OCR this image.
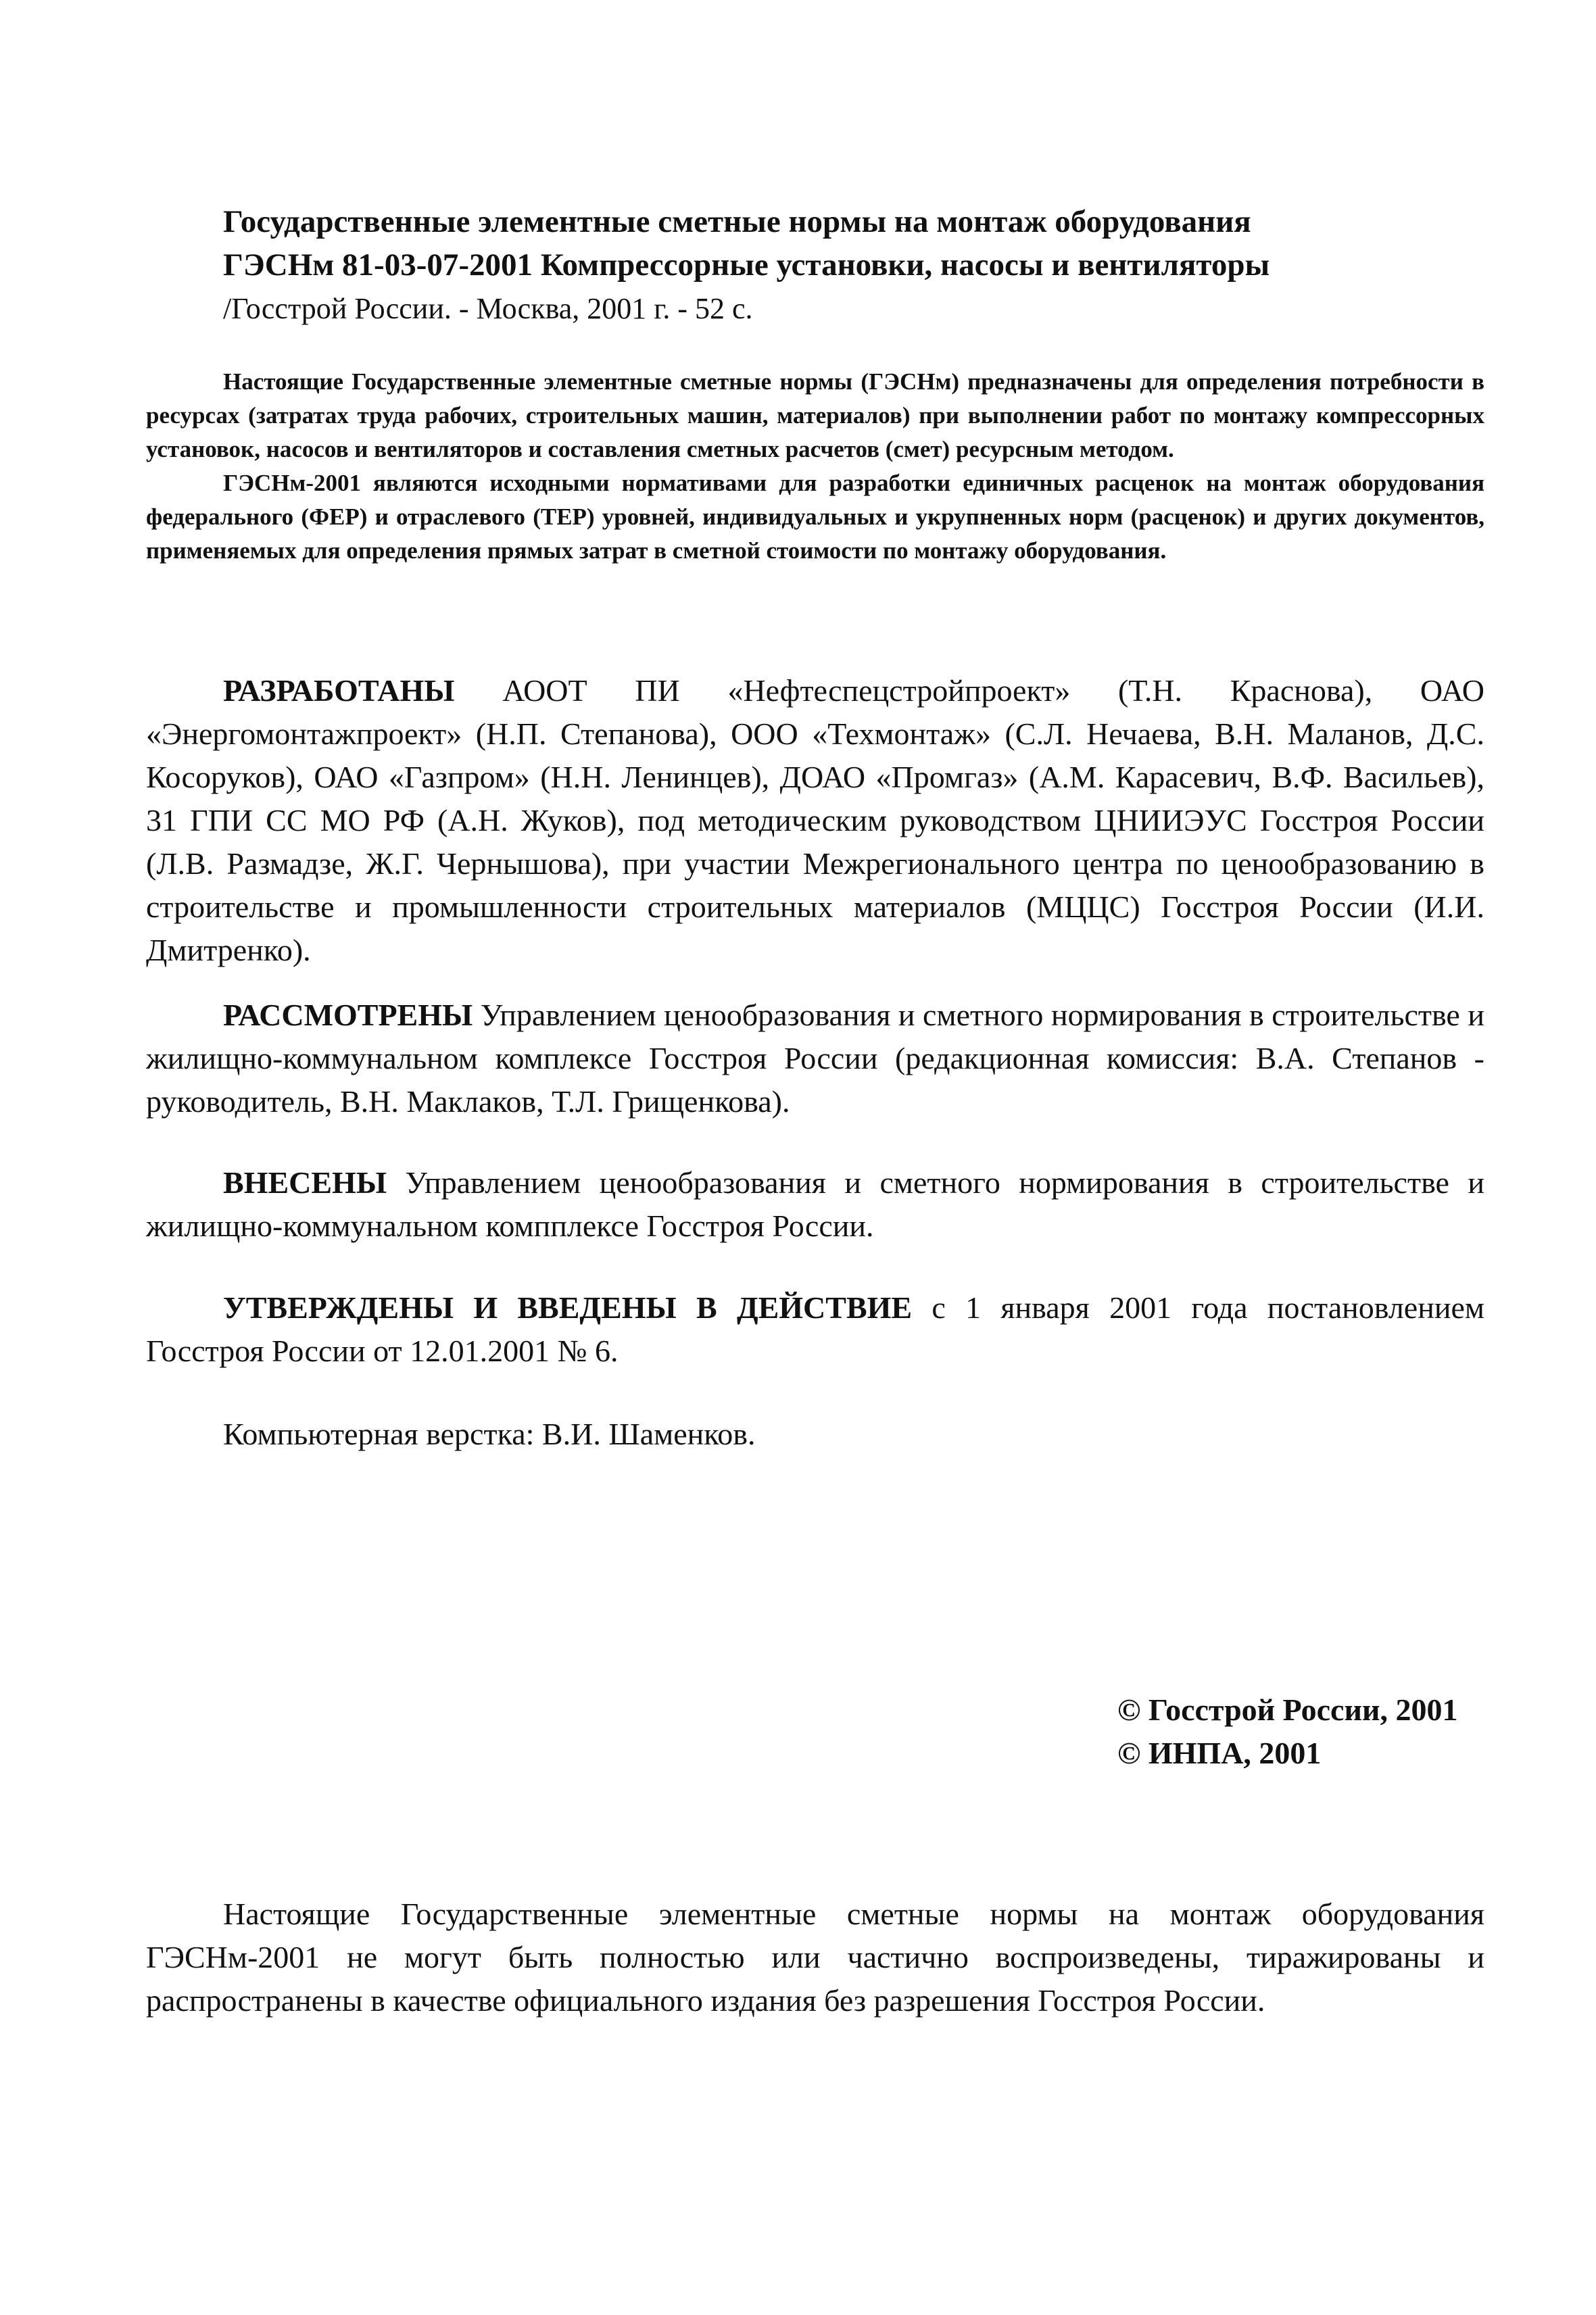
Государственные элементные сметные нормы на монтаж оборудования
ГЭСНм 81-03-07-2001 Компрессорные установки, насосы и вентиляторы
/Госстрой России. - Москва, 2001 г. - 52 с.

Настоящие Государственные элементные сметные нормы (ГЭСНм) предназначены для определения потребности в ресурсах (затратах труда рабочих, строительных машин, материалов) при выполнении работ по монтажу компрессорных установок, насосов и вентиляторов и составления сметных расчетов (смет) ресурсным методом.

ГЭСНм-2001 являются исходными нормативами для разработки единичных расценок на монтаж оборудования федерального (ФЕР) и отраслевого (ТЕР) уровней, индивидуальных и укрупненных норм (расценок) и других документов, применяемых для определения прямых затрат в сметной стоимости по монтажу оборудования.

РАЗРАБОТАНЫ АООТ ПИ «Нефтеспецстройпроект» (Т.Н. Краснова), ОАО «Энергомонтажпроект» (Н.П. Степанова), ООО «Техмонтаж» (С.Л. Нечаева, В.Н. Маланов, Д.С. Косоруков), ОАО «Газпром» (Н.Н. Ленинцев), ДОАО «Промгаз» (А.М. Карасевич, В.Ф. Васильев), 31 ГПИ СС МО РФ (А.Н. Жуков), под методическим руководством ЦНИИЭУС Госстроя России (Л.В. Размадзе, Ж.Г. Чернышова), при участии Межрегионального центра по ценообразованию в строительстве и промышленности строительных материалов (МЦЦС) Госстроя России (И.И. Дмитренко).

РАССМОТРЕНЫ Управлением ценообразования и сметного нормирования в строительстве и жилищно-коммунальном комплексе Госстроя России (редакционная комиссия: В.А. Степанов - руководитель, В.Н. Маклаков, Т.Л. Грищенкова).

ВНЕСЕНЫ Управлением ценообразования и сметного нормирования в строительстве и жилищно-коммунальном компплексе Госстроя России.

УТВЕРЖДЕНЫ И ВВЕДЕНЫ В ДЕЙСТВИЕ с 1 января 2001 года постановлением Госстроя России от 12.01.2001 № 6.

Компьютерная верстка: В.И. Шаменков.

© Госстрой России, 2001
© ИНПА, 2001

Настоящие Государственные элементные сметные нормы на монтаж оборудования ГЭСНм-2001 не могут быть полностью или частично воспроизведены, тиражированы и распространены в качестве официального издания без разрешения Госстроя России.
